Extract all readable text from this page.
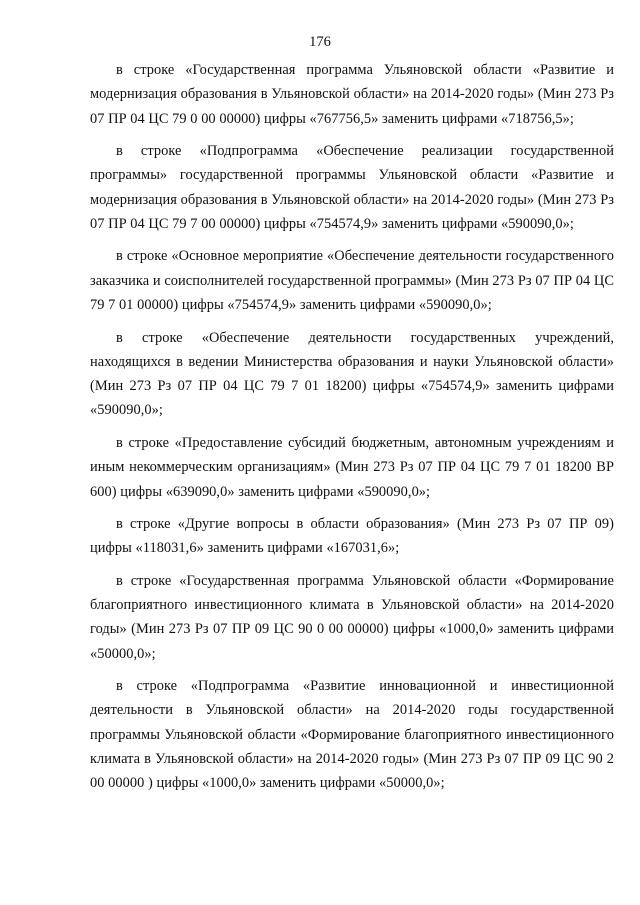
176

в строке «Государственная программа Ульяновской области «Развитие и модернизация образования в Ульяновской области» на 2014-2020 годы» (Мин 273 Рз 07 ПР 04 ЦС 79 0 00 00000) цифры «767756,5» заменить цифрами «718756,5»;

в строке «Подпрограмма «Обеспечение реализации государственной программы» государственной программы Ульяновской области «Развитие и модернизация образования в Ульяновской области» на 2014-2020 годы» (Мин 273 Рз 07 ПР 04 ЦС 79 7 00 00000) цифры «754574,9» заменить цифрами «590090,0»;

в строке «Основное мероприятие «Обеспечение деятельности государственного заказчика и соисполнителей государственной программы» (Мин 273 Рз 07 ПР 04 ЦС 79 7 01 00000) цифры «754574,9» заменить цифрами «590090,0»;

в строке «Обеспечение деятельности государственных учреждений, находящихся в ведении Министерства образования и науки Ульяновской области» (Мин 273 Рз 07 ПР 04 ЦС 79 7 01 18200) цифры «754574,9» заменить цифрами «590090,0»;

в строке «Предоставление субсидий бюджетным, автономным учреждениям и иным некоммерческим организациям» (Мин 273 Рз 07 ПР 04 ЦС 79 7 01 18200 ВР 600) цифры «639090,0» заменить цифрами «590090,0»;

в строке «Другие вопросы в области образования» (Мин 273 Рз 07 ПР 09) цифры «118031,6» заменить цифрами «167031,6»;

в строке «Государственная программа Ульяновской области «Формирование благоприятного инвестиционного климата в Ульяновской области» на 2014-2020 годы» (Мин 273 Рз 07 ПР 09 ЦС 90 0 00 00000) цифры «1000,0» заменить цифрами «50000,0»;

в строке «Подпрограмма «Развитие инновационной и инвестиционной деятельности в Ульяновской области» на 2014-2020 годы государственной программы Ульяновской области «Формирование благоприятного инвестиционного климата в Ульяновской области» на 2014-2020 годы» (Мин 273 Рз 07 ПР 09 ЦС 90 2 00 00000 ) цифры «1000,0» заменить цифрами «50000,0»;
